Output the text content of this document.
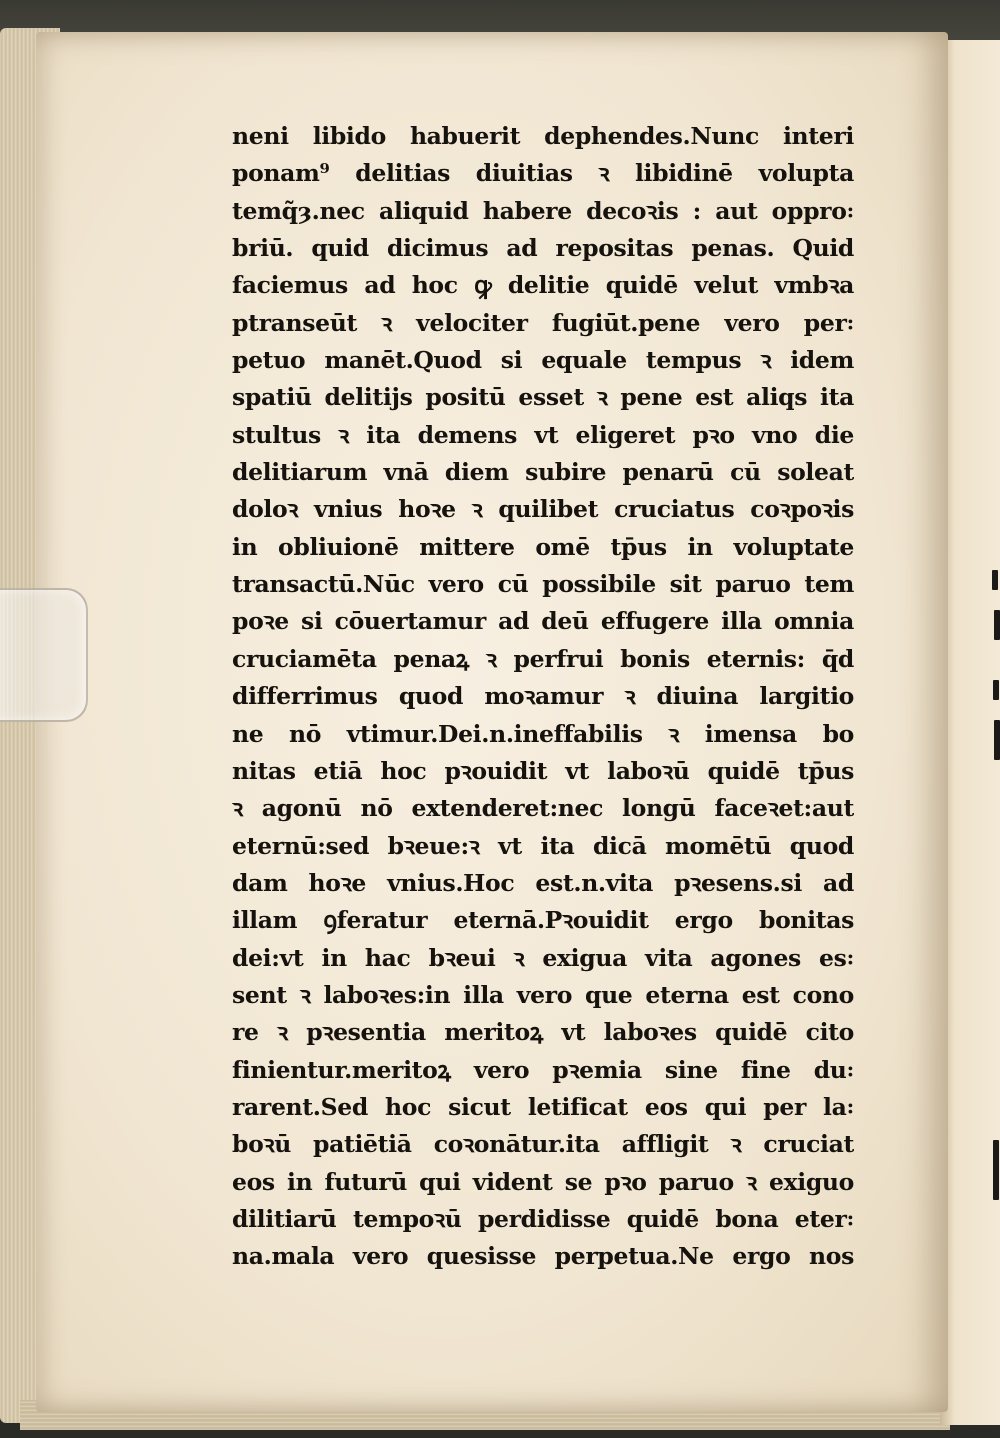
neni libido habuerit dephendes.Nunc interi
ponam⁹ delitias diuitias ꝛ libidinē volupta
temq̃ȝ.nec aliquid habere decoꝛis : aut oppro꞉
briū. quid dicimus ad repositas penas. Quid
faciemus ad hoc ꝙ delitie quidē velut vmbꝛa
ptranseūt ꝛ velociter fugiūt.pene vero per꞉
petuo manēt.Quod si equale tempus ꝛ idem
spatiū delitijs positū esset ꝛ pene est aliqs ita
stultus ꝛ ita demens vt eligeret pꝛo vno die
delitiarum vnā diem subire penarū cū soleat
doloꝛ vnius hoꝛe ꝛ quilibet cruciatus coꝛpoꝛis
in obliuionē mittere omē tp̄us in voluptate
transactū.Nūc vero cū possibile sit paruo tem
poꝛe si cōuertamur ad deū effugere illa omnia
cruciamēta penaꝝ ꝛ perfrui bonis eternis: q̄d
differrimus quod moꝛamur ꝛ diuina largitio
ne nō vtimur.Dei.n.ineffabilis ꝛ imensa bo
nitas etiā hoc pꝛouidit vt laboꝛū quidē tp̄us
ꝛ agonū nō extenderet:nec longū faceꝛet:aut
eternū:sed bꝛeue:ꝛ vt ita dicā momētū quod
dam hoꝛe vnius.Hoc est.n.vita pꝛesens.si ad
illam ꝯferatur eternā.Pꝛouidit ergo bonitas
dei:vt in hac bꝛeui ꝛ exigua vita agones es꞉
sent ꝛ laboꝛes:in illa vero que eterna est cono
re ꝛ pꝛesentia meritoꝝ vt laboꝛes quidē cito
finientur.meritoꝝ vero pꝛemia sine fine du꞉
rarent.Sed hoc sicut letificat eos qui per la꞉
boꝛū patiētiā coꝛonātur.ita affligit ꝛ cruciat
eos in futurū qui vident se pꝛo paruo ꝛ exiguo
dilitiarū tempoꝛū perdidisse quidē bona eter꞉
na.mala vero quesisse perpetua.Ne ergo nos
